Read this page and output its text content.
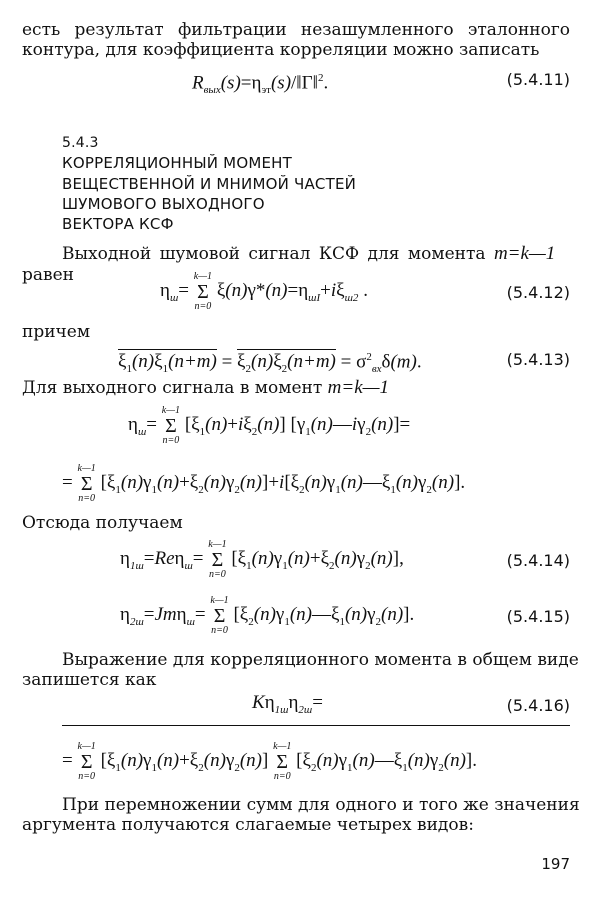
есть результат фильтрации незашумленного эталонного
контура, для коэффициента корреляции можно записать
$R_{вых}(s)=\eta_{эт}(s)/‖Г‖^2$.	(5.4.11)
5.4.3
КОРРЕЛЯЦИОННЫЙ МОМЕНТ
ВЕЩЕСТВЕННОЙ И МНИМОЙ ЧАСТЕЙ
ШУМОВОГО ВЫХОДНОГО
ВЕКТОРА КСФ
Выходной шумовой сигнал КСФ для момента m=k—1
равен
$\eta_ш=$
k—1
Σ
n=0
$\xi(n)\gamma*(n)=\eta_{шI}+i\xi_{ш2}$ .	(5.4.12)
причем
$\xi_1(n)\xi_1(n+m) = \xi_2(n)\xi_2(n+m) = \sigma^2_{вх}\delta(m)$.	(5.4.13)
Для выходного сигнала в момент m=k—1
$\eta_ш=$
k—1
Σ
n=0
$[\xi_1(n)+i\xi_2(n)]$ $[\gamma_1(n)—i\gamma_2(n)]=$
=
k—1
Σ
n=0
$[\xi_1(n)\gamma_1(n)+\xi_2(n)\gamma_2(n)]+i[\xi_2(n)\gamma_1(n)—\xi_1(n)\gamma_2(n)]$.
Отсюда получаем
$\eta_{1ш}=Re\eta_ш=$
k—1
Σ
n=0
$[\xi_1(n)\gamma_1(n)+\xi_2(n)\gamma_2(n)]$,	(5.4.14)
$\eta_{2ш}=Jm\eta_ш=$
k—1
Σ
n=0
$[\xi_2(n)\gamma_1(n)—\xi_1(n)\gamma_2(n)]$.	(5.4.15)
Выражение для корреляционного момента в общем виде
запишется как
$K\eta_{1ш}\eta_{2ш}=$	(5.4.16)
=
k—1
Σ
n=0
$[\xi_1(n)\gamma_1(n)+\xi_2(n)\gamma_2(n)]$
k—1
Σ
n=0
$[\xi_2(n)\gamma_1(n)—\xi_1(n)\gamma_2(n)]$.
При перемножении сумм для одного и того же значения
аргумента получаются слагаемые четырех видов:
197
